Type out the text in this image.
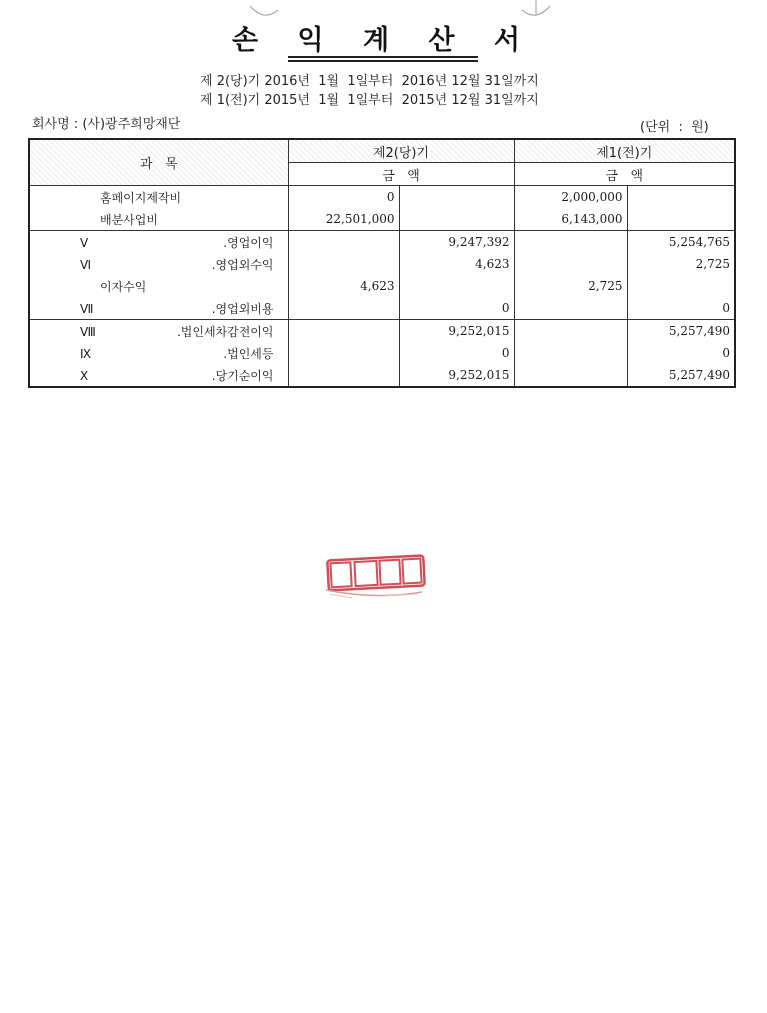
손 익 계 산 서
제 2(당)기 2016년  1월  1일부터  2016년 12월 31일까지
제 1(전)기 2015년  1월  1일부터  2015년 12월 31일까지
회사명 : (사)광주희망재단	(단위  :  원)
과   목	제2(당)기		제1(전)기	
	금   액		금   액	
홈페이지제작비	0		2,000,000	
배분사업비	22,501,000		6,143,000	
Ⅴ.영업이익		9,247,392		5,254,765
Ⅵ.영업외수익		4,623		2,725
이자수익	4,623		2,725	
Ⅶ.영업외비용		0		0
Ⅷ.법인세차감전이익		9,252,015		5,257,490
Ⅸ.법인세등		0		0
Ⅹ.당기순이익		9,252,015		5,257,490
